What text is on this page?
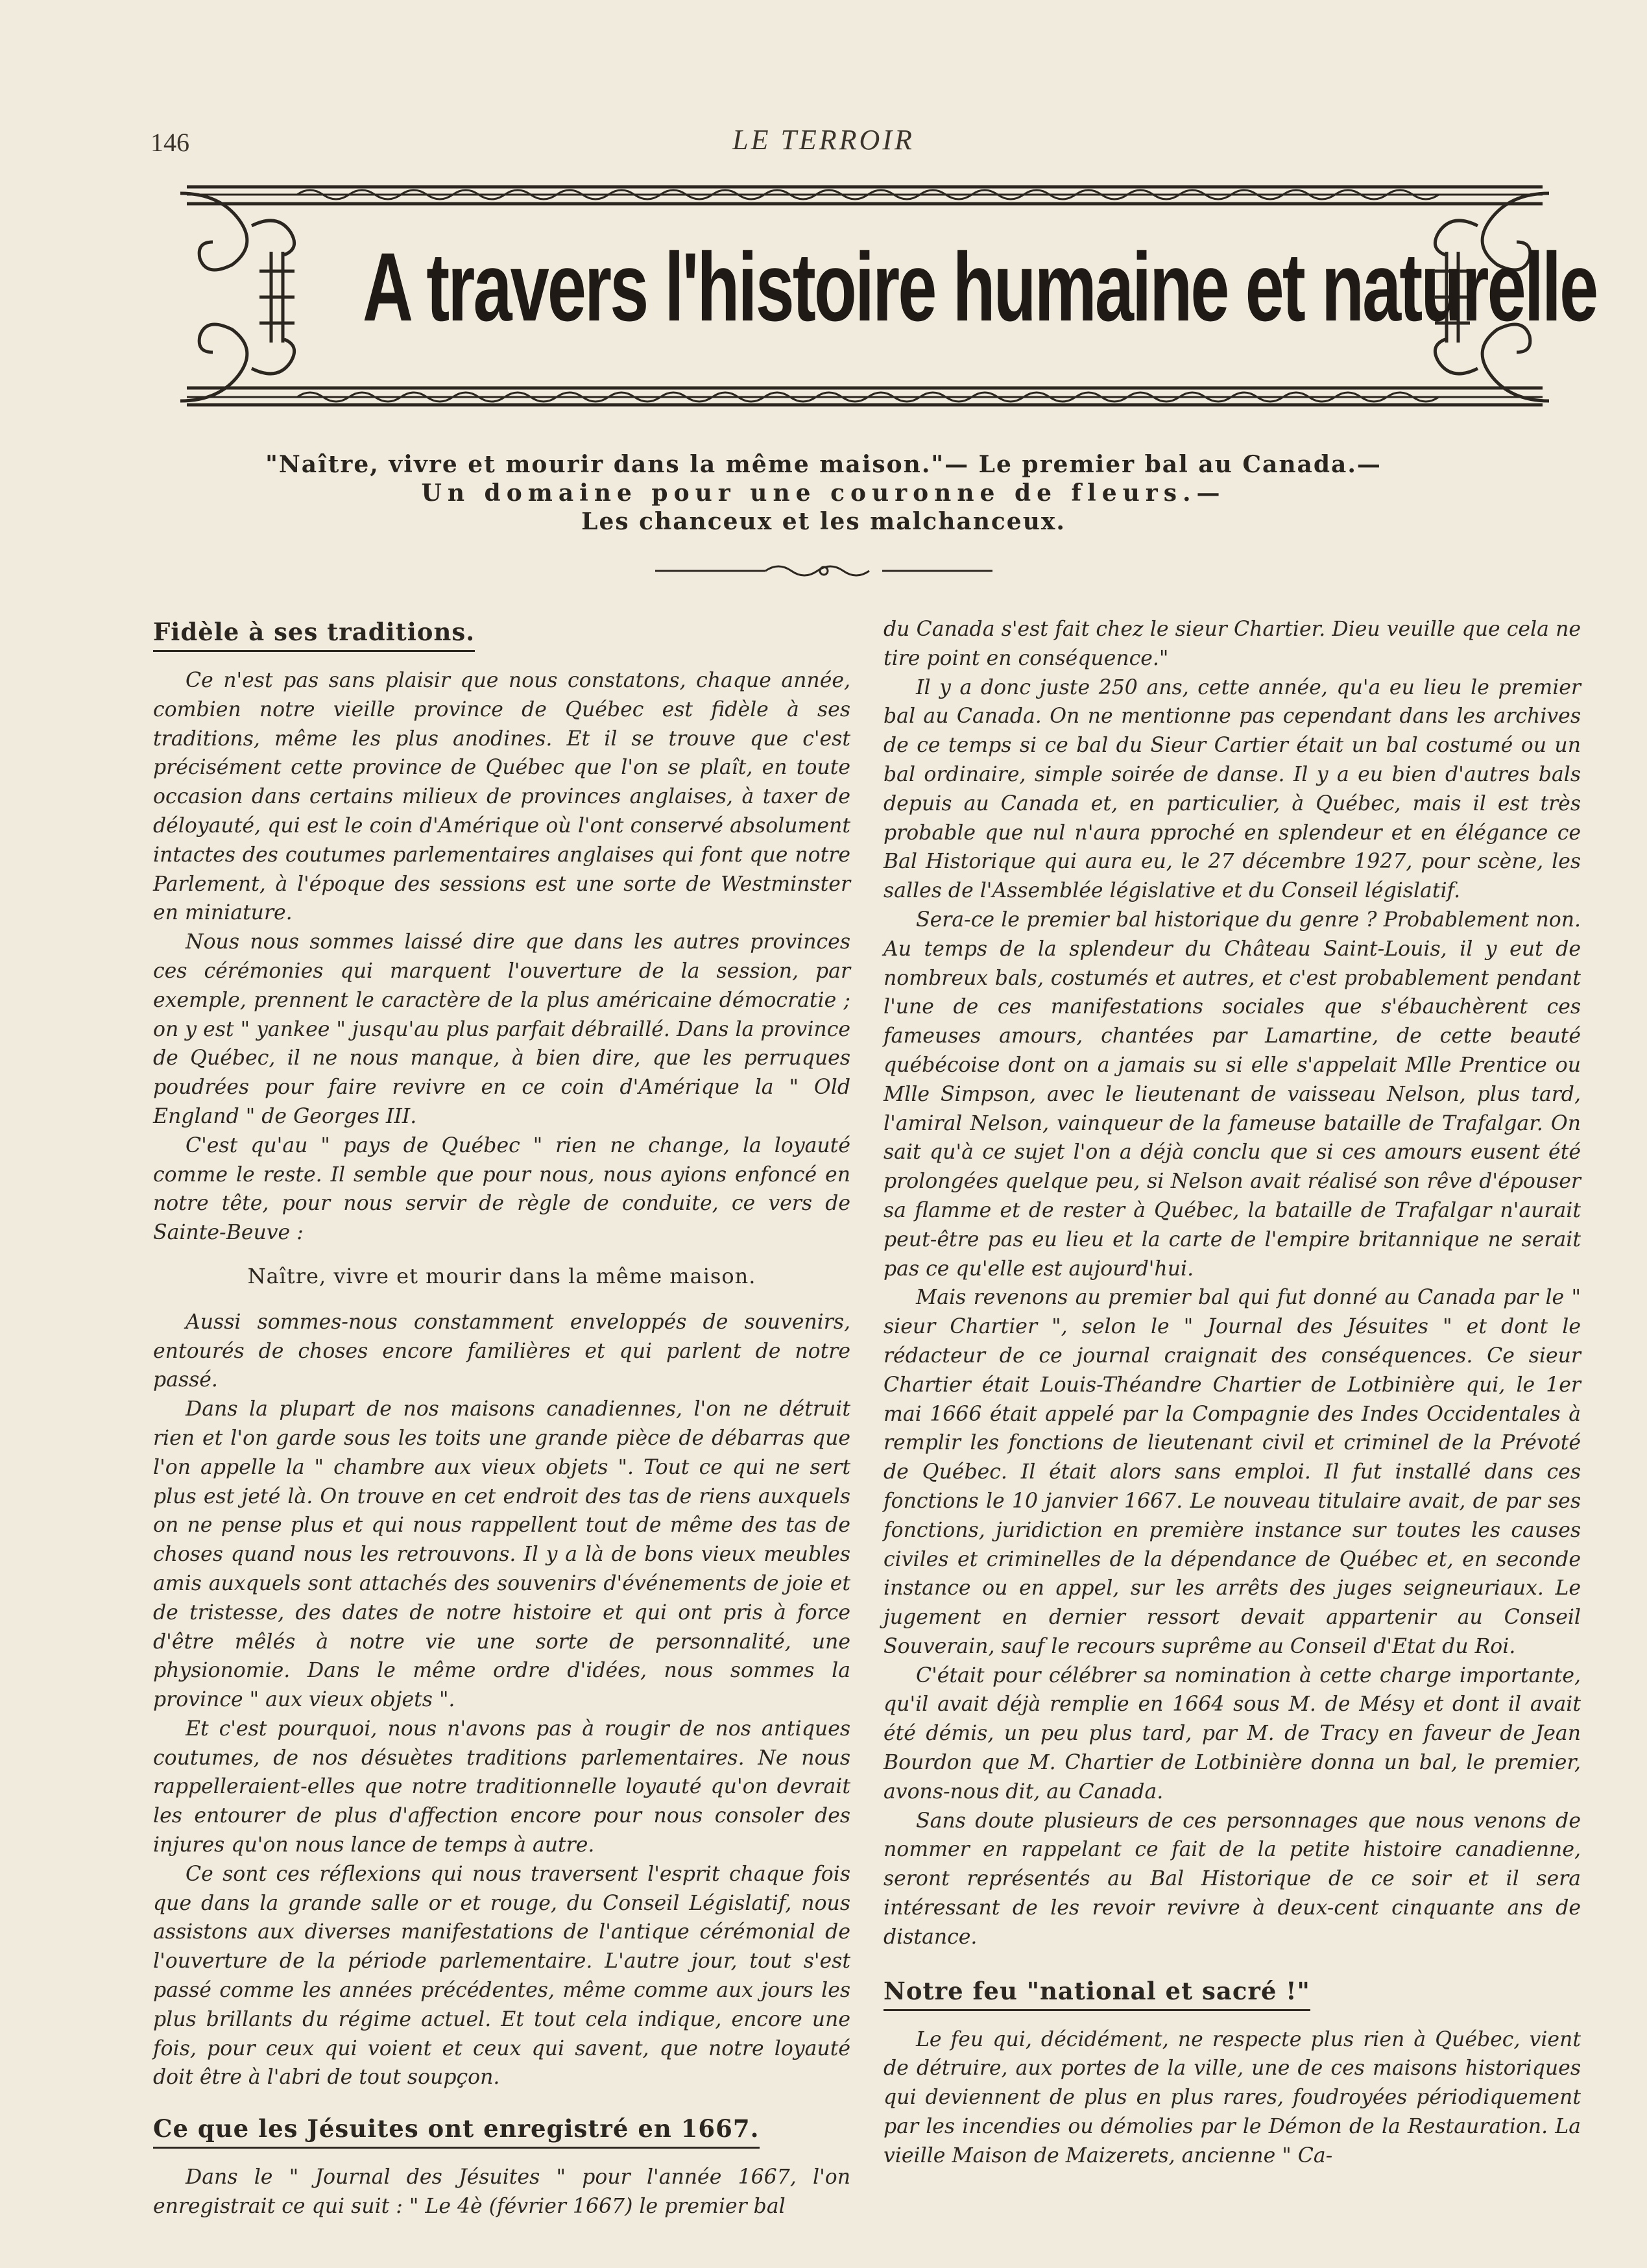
146	LE TERROIR
A travers l'histoire humaine et naturelle
"Naître, vivre et mourir dans la même maison."— Le premier bal au Canada.—
Un domaine pour une couronne de fleurs.—
Les chanceux et les malchanceux.
Fidèle à ses traditions.

Ce n'est pas sans plaisir que nous constatons, chaque année, combien notre vieille province de Québec est fidèle à ses traditions, même les plus anodines. Et il se trouve que c'est précisément cette province de Québec que l'on se plaît, en toute occasion dans certains milieux de provinces anglaises, à taxer de déloyauté, qui est le coin d'Amérique où l'ont conservé absolument intactes des coutumes parlementaires anglaises qui font que notre Parlement, à l'époque des sessions est une sorte de Westminster en miniature.

Nous nous sommes laissé dire que dans les autres provinces ces cérémonies qui marquent l'ouverture de la session, par exemple, prennent le caractère de la plus américaine démocratie ; on y est " yankee " jusqu'au plus parfait débraillé. Dans la province de Québec, il ne nous manque, à bien dire, que les perruques poudrées pour faire revivre en ce coin d'Amérique la " Old England " de Georges III.

C'est qu'au " pays de Québec " rien ne change, la loyauté comme le reste. Il semble que pour nous, nous ayions enfoncé en notre tête, pour nous servir de règle de conduite, ce vers de Sainte-Beuve :

Naître, vivre et mourir dans la même maison.

Aussi sommes-nous constamment enveloppés de souvenirs, entourés de choses encore familières et qui parlent de notre passé.

Dans la plupart de nos maisons canadiennes, l'on ne détruit rien et l'on garde sous les toits une grande pièce de débarras que l'on appelle la " chambre aux vieux objets ". Tout ce qui ne sert plus est jeté là. On trouve en cet endroit des tas de riens auxquels on ne pense plus et qui nous rappellent tout de même des tas de choses quand nous les retrouvons. Il y a là de bons vieux meubles amis auxquels sont attachés des souvenirs d'événements de joie et de tristesse, des dates de notre histoire et qui ont pris à force d'être mêlés à notre vie une sorte de personnalité, une physionomie. Dans le même ordre d'idées, nous sommes la province " aux vieux objets ".

Et c'est pourquoi, nous n'avons pas à rougir de nos antiques coutumes, de nos désuètes traditions parlementaires. Ne nous rappelleraient-elles que notre traditionnelle loyauté qu'on devrait les entourer de plus d'affection encore pour nous consoler des injures qu'on nous lance de temps à autre.

Ce sont ces réflexions qui nous traversent l'esprit chaque fois que dans la grande salle or et rouge, du Conseil Législatif, nous assistons aux diverses manifestations de l'antique cérémonial de l'ouverture de la période parlementaire. L'autre jour, tout s'est passé comme les années précédentes, même comme aux jours les plus brillants du régime actuel. Et tout cela indique, encore une fois, pour ceux qui voient et ceux qui savent, que notre loyauté doit être à l'abri de tout soupçon.

Ce que les Jésuites ont enregistré en 1667.

Dans le " Journal des Jésuites " pour l'année 1667, l'on enregistrait ce qui suit : " Le 4è (février 1667) le premier bal

du Canada s'est fait chez le sieur Chartier. Dieu veuille que cela ne tire point en conséquence."

Il y a donc juste 250 ans, cette année, qu'a eu lieu le premier bal au Canada. On ne mentionne pas cependant dans les archives de ce temps si ce bal du Sieur Cartier était un bal costumé ou un bal ordinaire, simple soirée de danse. Il y a eu bien d'autres bals depuis au Canada et, en particulier, à Québec, mais il est très probable que nul n'aura pproché en splendeur et en élégance ce Bal Historique qui aura eu, le 27 décembre 1927, pour scène, les salles de l'Assemblée législative et du Conseil législatif.

Sera-ce le premier bal historique du genre ? Probablement non. Au temps de la splendeur du Château Saint-Louis, il y eut de nombreux bals, costumés et autres, et c'est probablement pendant l'une de ces manifestations sociales que s'ébauchèrent ces fameuses amours, chantées par Lamartine, de cette beauté québécoise dont on a jamais su si elle s'appelait Mlle Prentice ou Mlle Simpson, avec le lieutenant de vaisseau Nelson, plus tard, l'amiral Nelson, vainqueur de la fameuse bataille de Trafalgar. On sait qu'à ce sujet l'on a déjà conclu que si ces amours eusent été prolongées quelque peu, si Nelson avait réalisé son rêve d'épouser sa flamme et de rester à Québec, la bataille de Trafalgar n'aurait peut-être pas eu lieu et la carte de l'empire britannique ne serait pas ce qu'elle est aujourd'hui.

Mais revenons au premier bal qui fut donné au Canada par le " sieur Chartier ", selon le " Journal des Jésuites " et dont le rédacteur de ce journal craignait des conséquences. Ce sieur Chartier était Louis-Théandre Chartier de Lotbinière qui, le 1er mai 1666 était appelé par la Compagnie des Indes Occidentales à remplir les fonctions de lieutenant civil et criminel de la Prévoté de Québec. Il était alors sans emploi. Il fut installé dans ces fonctions le 10 janvier 1667. Le nouveau titulaire avait, de par ses fonctions, juridiction en première instance sur toutes les causes civiles et criminelles de la dépendance de Québec et, en seconde instance ou en appel, sur les arrêts des juges seigneuriaux. Le jugement en dernier ressort devait appartenir au Conseil Souverain, sauf le recours suprême au Conseil d'Etat du Roi.

C'était pour célébrer sa nomination à cette charge importante, qu'il avait déjà remplie en 1664 sous M. de Mésy et dont il avait été démis, un peu plus tard, par M. de Tracy en faveur de Jean Bourdon que M. Chartier de Lotbinière donna un bal, le premier, avons-nous dit, au Canada.

Sans doute plusieurs de ces personnages que nous venons de nommer en rappelant ce fait de la petite histoire canadienne, seront représentés au Bal Historique de ce soir et il sera intéressant de les revoir revivre à deux-cent cinquante ans de distance.

Notre feu "national et sacré !"

Le feu qui, décidément, ne respecte plus rien à Québec, vient de détruire, aux portes de la ville, une de ces maisons historiques qui deviennent de plus en plus rares, foudroyées périodiquement par les incendies ou démolies par le Démon de la Restauration. La vieille Maison de Maizerets, ancienne " Ca-
